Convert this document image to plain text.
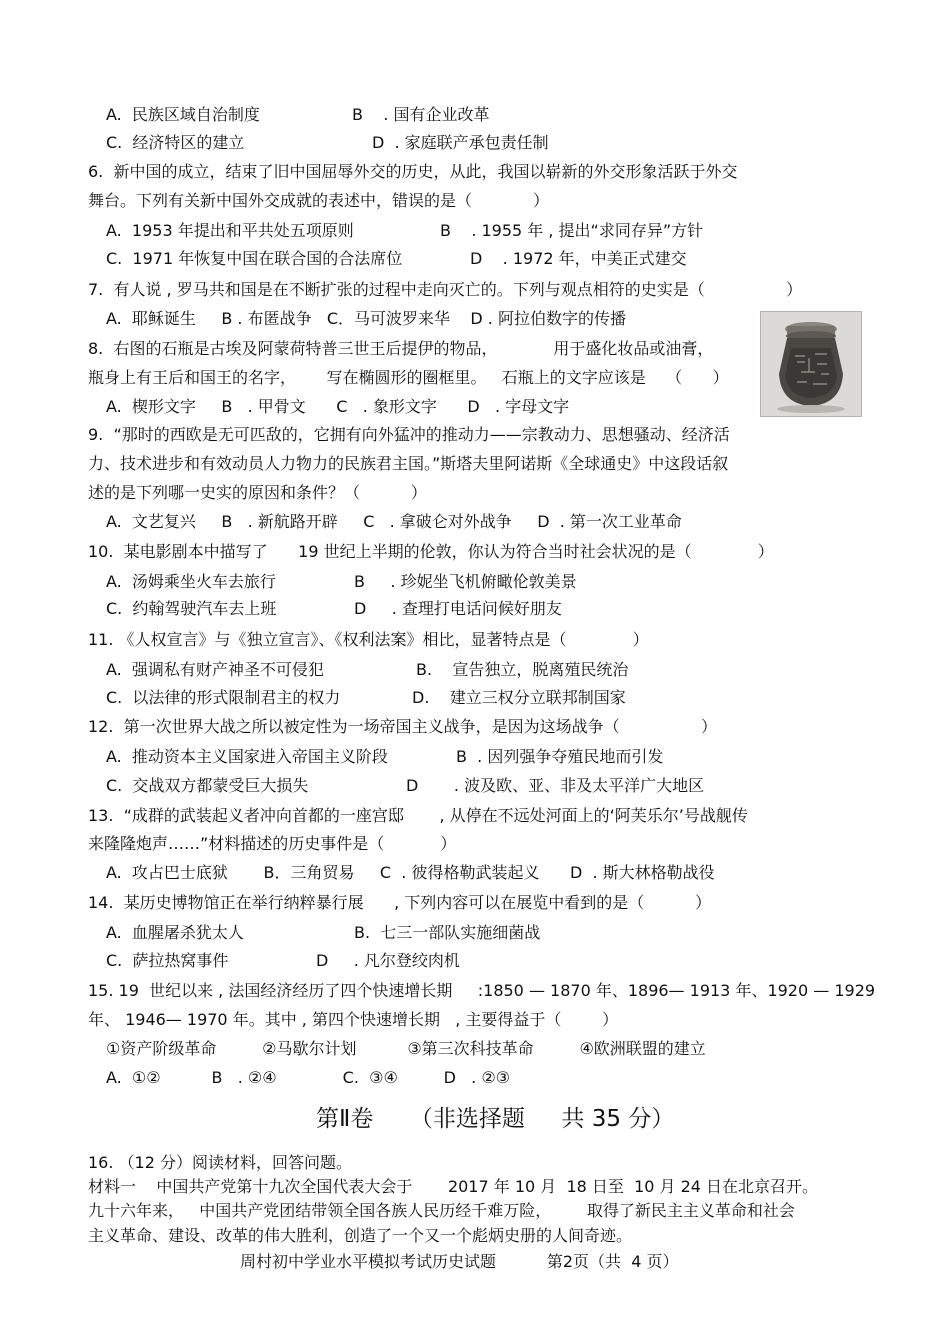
A.  民族区域自治制度	B    . 国有企业改革
C.  经济特区的建立	D  . 家庭联产承包责任制
6.  新中国的成立，结束了旧中国屈辱外交的历史，从此，我国以崭新的外交形象活跃于外交
舞台。下列有关新中国外交成就的表述中，错误的是（            ）
A.  1953 年提出和平共处五项原则	B    . 1955 年 , 提出“求同存异”方针
C.  1971 年恢复中国在联合国的合法席位	D    . 1972 年，中美正式建交
7.  有人说 , 罗马共和国是在不断扩张的过程中走向灭亡的。下列与观点相符的史实是（                ）
A.  耶稣诞生     B . 布匿战争   C．马可波罗来华    D . 阿拉伯数字的传播
8.  右图的石瓶是古埃及阿蒙荷特普三世王后提伊的物品，           用于盛化妆品或油膏，
瓶身上有王后和国王的名字，      写在椭圆形的圈框里。   石瓶上的文字应该是    （      ）
A.  楔形文字     B   . 甲骨文      C   . 象形文字      D   . 字母文字
9.  “那时的西欧是无可匹敌的，它拥有向外猛冲的推动力——宗教动力、思想骚动、经济活
力、技术进步和有效动员人力物力的民族君主国。”斯塔夫里阿诺斯《全球通史》中这段话叙
述的是下列哪一史实的原因和条件？（          ）
A.  文艺复兴     B   . 新航路开辟     C   . 拿破仑对外战争     D  . 第一次工业革命
10.  某电影剧本中描写了      19 世纪上半期的伦敦，你认为符合当时社会状况的是（             ）
A.  汤姆乘坐火车去旅行	B     . 珍妮坐飞机俯瞰伦敦美景
C.  约翰驾驶汽车去上班	D     . 查理打电话问候好朋友
11. 《人权宣言》与《独立宣言》、《权利法案》相比，显著特点是（             ）
A.  强调私有财产神圣不可侵犯	B.    宣告独立，脱离殖民统治
C.  以法律的形式限制君主的权力	D.    建立三权分立联邦制国家
12.  第一次世界大战之所以被定性为一场帝国主义战争，是因为这场战争（                ）
A.  推动资本主义国家进入帝国主义阶段	B  . 因列强争夺殖民地而引发
C.  交战双方都蒙受巨大损失	D       . 波及欧、亚、非及太平洋广大地区
13.  “成群的武装起义者冲向首都的一座宫邸       , 从停在不远处河面上的‘阿芙乐尔’号战舰传
来隆隆炮声……”材料描述的历史事件是（           ）
A.  攻占巴士底狱       B．三角贸易     C  . 彼得格勒武装起义      D  . 斯大林格勒战役
14.  某历史博物馆正在举行纳粹暴行展      , 下列内容可以在展览中看到的是（          ）
A.  血腥屠杀犹太人	B.  七三一部队实施细菌战
C.  萨拉热窝事件	D     . 凡尔登绞肉机
15. 19  世纪以来 , 法国经济经历了四个快速增长期     :1850 — 1870 年、1896— 1913 年、1920 — 1929
年、 1946— 1970 年。其中 , 第四个快速增长期   , 主要得益于（        ）
①资产阶级革命         ②马歇尔计划          ③第三次科技革命         ④欧洲联盟的建立
A.  ①②          B   . ②④             C.  ③④         D   . ②③
第Ⅱ卷     （非选择题     共 35 分）
16. （12 分）阅读材料，回答问题。
材料一    中国共产党第十九次全国代表大会于       2017 年 10 月  18 日至  10 月 24 日在北京召开。
九十六年来，   中国共产党团结带领全国各族人民历经千难万险，       取得了新民主主义革命和社会
主义革命、建设、改革的伟大胜利，创造了一个又一个彪炳史册的人间奇迹。
周村初中学业水平模拟考试历史试题          第2页（共  4 页）
